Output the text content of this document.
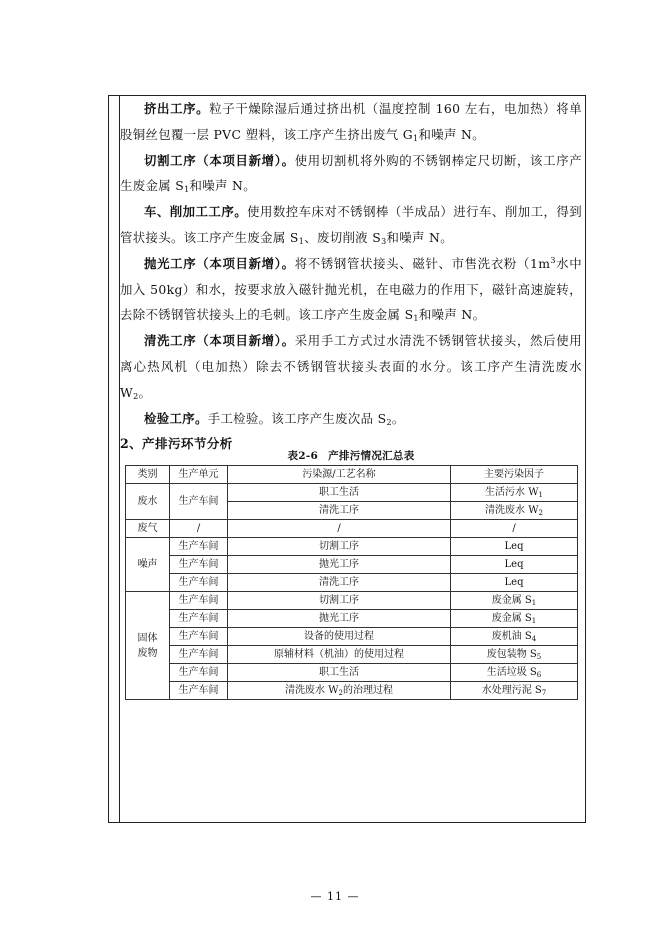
挤出工序。粒子干燥除湿后通过挤出机（温度控制 160 左右，电加热）将单股铜丝包覆一层 PVC 塑料，该工序产生挤出废气 $G_1$和噪声 N。

切割工序（本项目新增）。使用切割机将外购的不锈钢棒定尺切断，该工序产生废金属 $S_1$和噪声 N。

车、削加工工序。使用数控车床对不锈钢棒（半成品）进行车、削加工，得到管状接头。该工序产生废金属 $S_1$、废切削液 $S_3$和噪声 N。

抛光工序（本项目新增）。将不锈钢管状接头、磁针、市售洗衣粉（$1m^3$水中加入 50kg）和水，按要求放入磁针抛光机，在电磁力的作用下，磁针高速旋转，去除不锈钢管状接头上的毛刺。该工序产生废金属 $S_1$和噪声 N。

清洗工序（本项目新增）。采用手工方式过水清洗不锈钢管状接头，然后使用离心热风机（电加热）除去不锈钢管状接头表面的水分。该工序产生清洗废水 $W_2$。

检验工序。手工检验。该工序产生废次品 $S_2$。

2、产排污环节分析

表2-6 产排污情况汇总表
类别	生产单元	污染源/工艺名称	主要污染因子
废水	生产车间	职工生活	生活污水 $W_1$
		清洗工序	清洗废水 $W_2$
废气	/	/	/
噪声	生产车间	切割工序	Leq
	生产车间	抛光工序	Leq
	生产车间	清洗工序	Leq
固体
废物	生产车间	切割工序	废金属 $S_1$
	生产车间	抛光工序	废金属 $S_1$
	生产车间	设备的使用过程	废机油 $S_4$
	生产车间	原辅材料（机油）的使用过程	废包装物 $S_5$
	生产车间	职工生活	生活垃圾 $S_6$
	生产车间	清洗废水 $W_2$的治理过程	水处理污泥 $S_7$
— 11 —
